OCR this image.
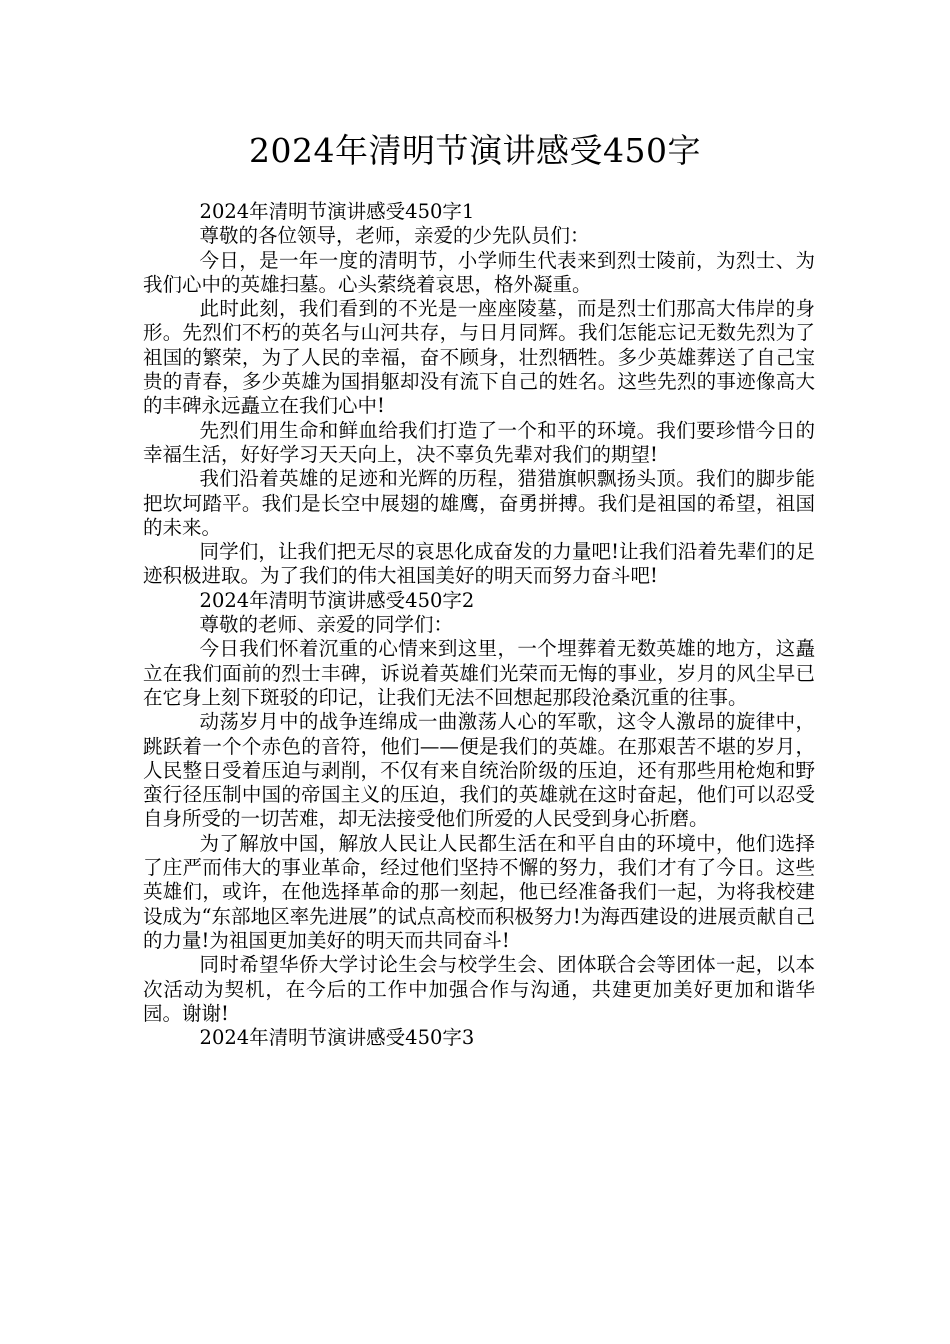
2024年清明节演讲感受450字

2024年清明节演讲感受450字1

尊敬的各位领导，老师，亲爱的少先队员们：

今日，是一年一度的清明节，小学师生代表来到烈士陵前，为烈士、为我们心中的英雄扫墓。心头萦绕着哀思，格外凝重。

此时此刻，我们看到的不光是一座座陵墓，而是烈士们那高大伟岸的身形。先烈们不朽的英名与山河共存，与日月同辉。我们怎能忘记无数先烈为了祖国的繁荣，为了人民的幸福，奋不顾身，壮烈牺牲。多少英雄葬送了自己宝贵的青春，多少英雄为国捐躯却没有流下自己的姓名。这些先烈的事迹像高大的丰碑永远矗立在我们心中!

先烈们用生命和鲜血给我们打造了一个和平的环境。我们要珍惜今日的幸福生活，好好学习天天向上，决不辜负先辈对我们的期望!

我们沿着英雄的足迹和光辉的历程，猎猎旗帜飘扬头顶。我们的脚步能把坎坷踏平。我们是长空中展翅的雄鹰，奋勇拼搏。我们是祖国的希望，祖国的未来。

同学们，让我们把无尽的哀思化成奋发的力量吧!让我们沿着先辈们的足迹积极进取。为了我们的伟大祖国美好的明天而努力奋斗吧!

2024年清明节演讲感受450字2

尊敬的老师、亲爱的同学们：

今日我们怀着沉重的心情来到这里，一个埋葬着无数英雄的地方，这矗立在我们面前的烈士丰碑，诉说着英雄们光荣而无悔的事业，岁月的风尘早已在它身上刻下斑驳的印记，让我们无法不回想起那段沧桑沉重的往事。

动荡岁月中的战争连绵成一曲激荡人心的军歌，这令人激昂的旋律中，跳跃着一个个赤色的音符，他们——便是我们的英雄。在那艰苦不堪的岁月，人民整日受着压迫与剥削，不仅有来自统治阶级的压迫，还有那些用枪炮和野蛮行径压制中国的帝国主义的压迫，我们的英雄就在这时奋起，他们可以忍受自身所受的一切苦难，却无法接受他们所爱的人民受到身心折磨。

为了解放中国，解放人民让人民都生活在和平自由的环境中，他们选择了庄严而伟大的事业革命，经过他们坚持不懈的努力，我们才有了今日。这些英雄们，或许，在他选择革命的那一刻起，他已经准备我们一起，为将我校建设成为“东部地区率先进展”的试点高校而积极努力!为海西建设的进展贡献自己的力量!为祖国更加美好的明天而共同奋斗!

同时希望华侨大学讨论生会与校学生会、团体联合会等团体一起，以本次活动为契机，在今后的工作中加强合作与沟通，共建更加美好更加和谐华园。谢谢!

2024年清明节演讲感受450字3
